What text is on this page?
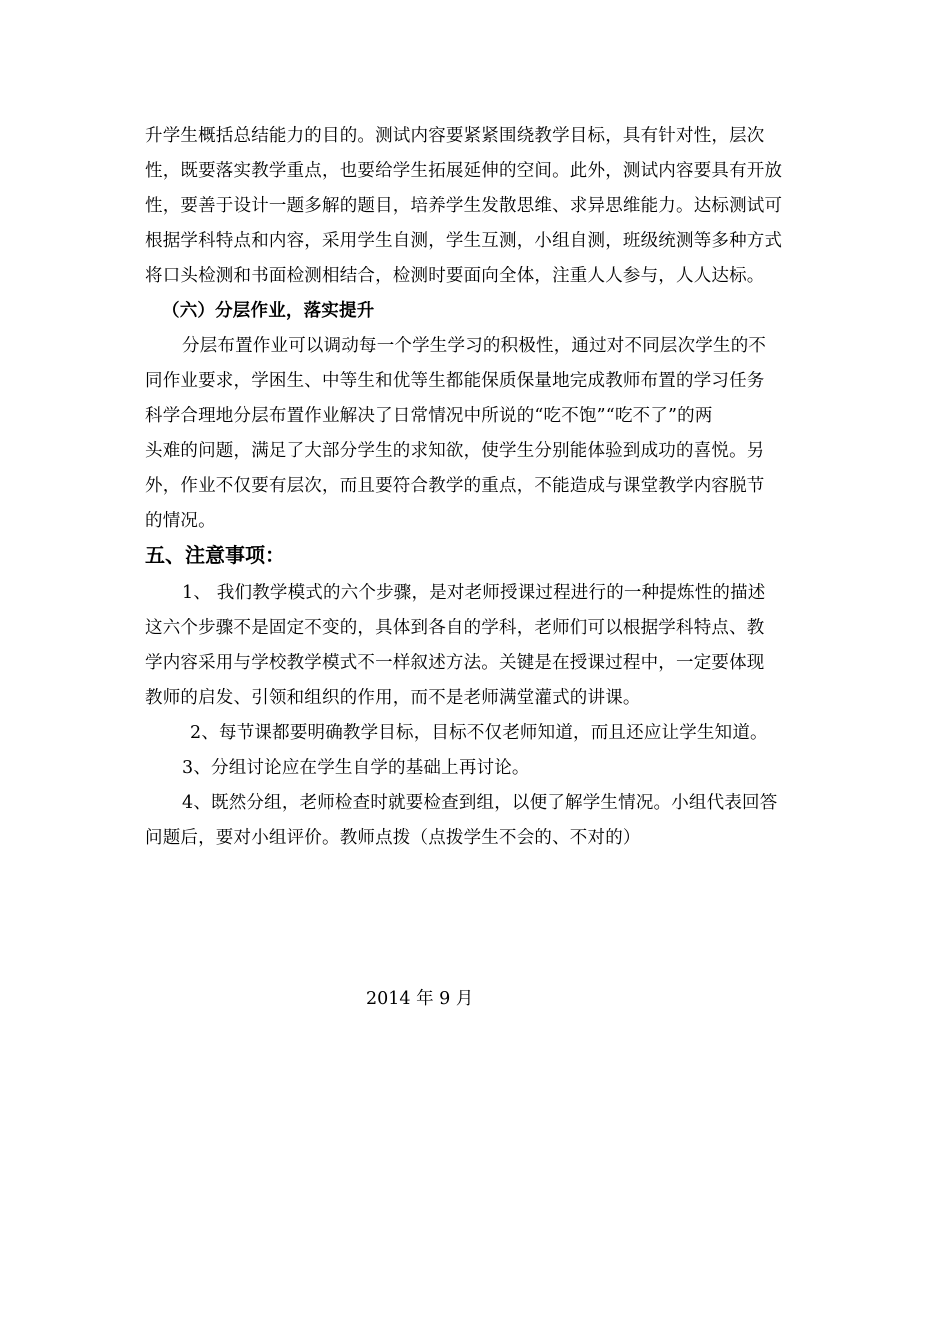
升学生概括总结能力的目的。测试内容要紧紧围绕教学目标，具有针对性，层次
性，既要落实教学重点，也要给学生拓展延伸的空间。此外，测试内容要具有开放
性，要善于设计一题多解的题目，培养学生发散思维、求异思维能力。达标测试可
根据学科特点和内容，采用学生自测，学生互测，小组自测，班级统测等多种方式
将口头检测和书面检测相结合，检测时要面向全体，注重人人参与，人人达标。
（六）分层作业，落实提升
分层布置作业可以调动每一个学生学习的积极性，通过对不同层次学生的不
同作业要求，学困生、中等生和优等生都能保质保量地完成教师布置的学习任务
科学合理地分层布置作业解决了日常情况中所说的“吃不饱”“吃不了”的两
头难的问题，满足了大部分学生的求知欲，使学生分别能体验到成功的喜悦。另
外，作业不仅要有层次，而且要符合教学的重点，不能造成与课堂教学内容脱节
的情况。
五、注意事项：
1、 我们教学模式的六个步骤，是对老师授课过程进行的一种提炼性的描述
这六个步骤不是固定不变的，具体到各自的学科，老师们可以根据学科特点、教
学内容采用与学校教学模式不一样叙述方法。关键是在授课过程中，一定要体现
教师的启发、引领和组织的作用，而不是老师满堂灌式的讲课。
2、每节课都要明确教学目标，目标不仅老师知道，而且还应让学生知道。
3、分组讨论应在学生自学的基础上再讨论。
4、既然分组，老师检查时就要检查到组，以便了解学生情况。小组代表回答
问题后，要对小组评价。教师点拨（点拨学生不会的、不对的）
2014 年 9 月
